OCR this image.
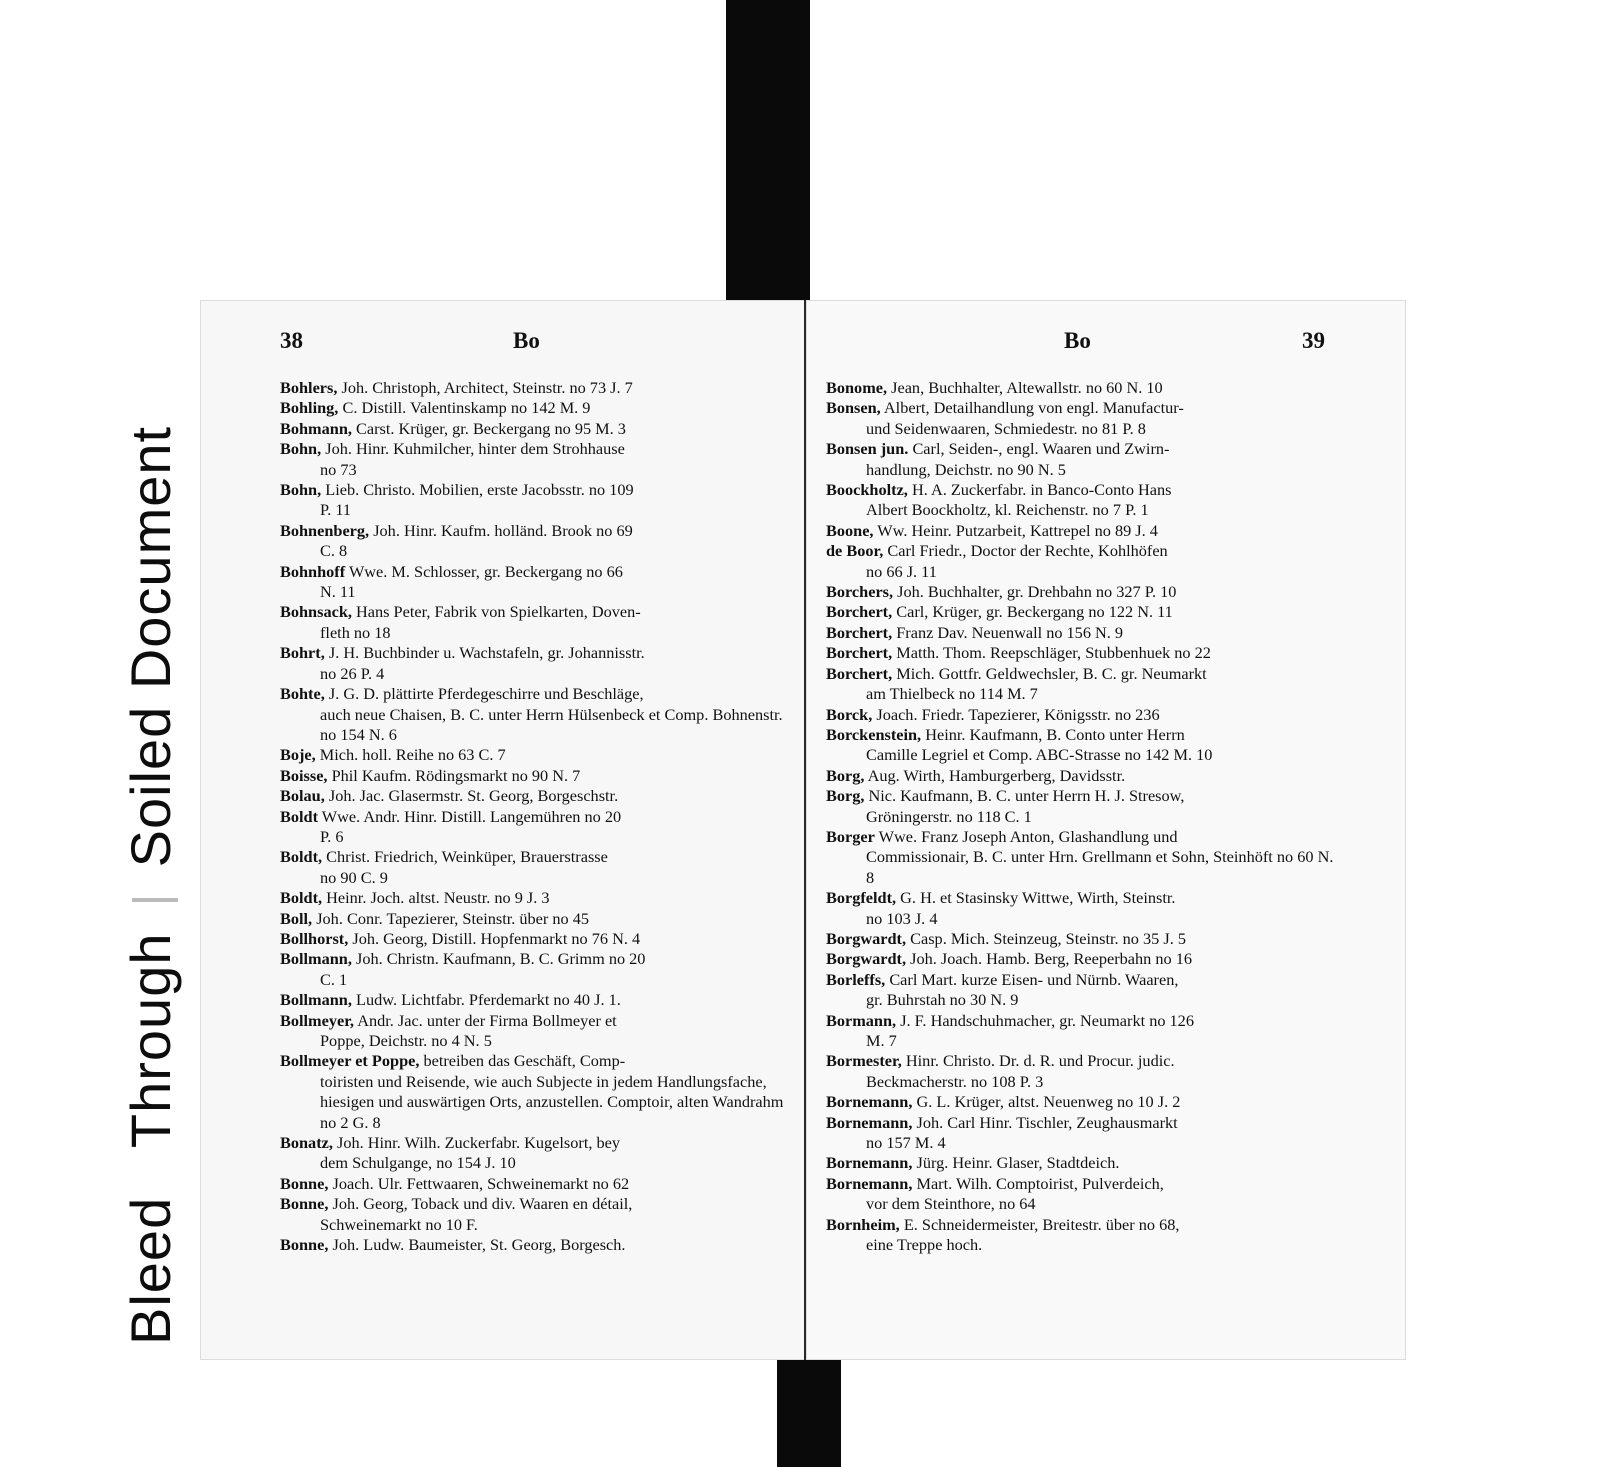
Bleed   Through  Soiled Document
38	Bo
Bohlers, Joh. Christoph, Architect, Steinstr. no 73 J. 7
Bohling, C. Distill. Valentinskamp no 142 M. 9
Bohmann, Carst. Krüger, gr. Beckergang no 95 M. 3
Bohn, Joh. Hinr. Kuhmilcher, hinter dem Strohhause
no 73
Bohn, Lieb. Christo. Mobilien, erste Jacobsstr. no 109
P. 11
Bohnenberg, Joh. Hinr. Kaufm. holländ. Brook no 69
C. 8
Bohnhoff Wwe. M. Schlosser, gr. Beckergang no 66
N. 11
Bohnsack, Hans Peter, Fabrik von Spielkarten, Doven-
fleth no 18
Bohrt, J. H. Buchbinder u. Wachstafeln, gr. Johannisstr.
no 26 P. 4
Bohte, J. G. D. plättirte Pferdegeschirre und Beschläge,
auch neue Chaisen, B. C. unter Herrn Hülsenbeck et Comp. Bohnenstr. no 154 N. 6
Boje, Mich. holl. Reihe no 63 C. 7
Boisse, Phil Kaufm. Rödingsmarkt no 90 N. 7
Bolau, Joh. Jac. Glasermstr. St. Georg, Borgeschstr.
Boldt Wwe. Andr. Hinr. Distill. Langemühren no 20
P. 6
Boldt, Christ. Friedrich, Weinküper, Brauerstrasse
no 90 C. 9
Boldt, Heinr. Joch. altst. Neustr. no 9 J. 3
Boll, Joh. Conr. Tapezierer, Steinstr. über no 45
Bollhorst, Joh. Georg, Distill. Hopfenmarkt no 76 N. 4
Bollmann, Joh. Christn. Kaufmann, B. C. Grimm no 20
C. 1
Bollmann, Ludw. Lichtfabr. Pferdemarkt no 40 J. 1.
Bollmeyer, Andr. Jac. unter der Firma Bollmeyer et
Poppe, Deichstr. no 4 N. 5
Bollmeyer et Poppe, betreiben das Geschäft, Comp-
toiristen und Reisende, wie auch Subjecte in jedem Handlungsfache, hiesigen und auswärtigen Orts, anzustellen. Comptoir, alten Wandrahm no 2 G. 8
Bonatz, Joh. Hinr. Wilh. Zuckerfabr. Kugelsort, bey
dem Schulgange, no 154 J. 10
Bonne, Joach. Ulr. Fettwaaren, Schweinemarkt no 62
Bonne, Joh. Georg, Toback und div. Waaren en détail,
Schweinemarkt no 10 F.
Bonne, Joh. Ludw. Baumeister, St. Georg, Borgesch.
Bo	39
Bonome, Jean, Buchhalter, Altewallstr. no 60 N. 10
Bonsen, Albert, Detailhandlung von engl. Manufactur-
und Seidenwaaren, Schmiedestr. no 81 P. 8
Bonsen jun. Carl, Seiden-, engl. Waaren und Zwirn-
handlung, Deichstr. no 90 N. 5
Boockholtz, H. A. Zuckerfabr. in Banco-Conto Hans
Albert Boockholtz, kl. Reichenstr. no 7 P. 1
Boone, Ww. Heinr. Putzarbeit, Kattrepel no 89 J. 4
de Boor, Carl Friedr., Doctor der Rechte, Kohlhöfen
no 66 J. 11
Borchers, Joh. Buchhalter, gr. Drehbahn no 327 P. 10
Borchert, Carl, Krüger, gr. Beckergang no 122 N. 11
Borchert, Franz Dav. Neuenwall no 156 N. 9
Borchert, Matth. Thom. Reepschläger, Stubbenhuek no 22
Borchert, Mich. Gottfr. Geldwechsler, B. C. gr. Neumarkt
am Thielbeck no 114 M. 7
Borck, Joach. Friedr. Tapezierer, Königsstr. no 236
Borckenstein, Heinr. Kaufmann, B. Conto unter Herrn
Camille Legriel et Comp. ABC-Strasse no 142 M. 10
Borg, Aug. Wirth, Hamburgerberg, Davidsstr.
Borg, Nic. Kaufmann, B. C. unter Herrn H. J. Stresow,
Gröningerstr. no 118 C. 1
Borger Wwe. Franz Joseph Anton, Glashandlung und
Commissionair, B. C. unter Hrn. Grellmann et Sohn, Steinhöft no 60 N. 8
Borgfeldt, G. H. et Stasinsky Wittwe, Wirth, Steinstr.
no 103 J. 4
Borgwardt, Casp. Mich. Steinzeug, Steinstr. no 35 J. 5
Borgwardt, Joh. Joach. Hamb. Berg, Reeperbahn no 16
Borleffs, Carl Mart. kurze Eisen- und Nürnb. Waaren,
gr. Buhrstah no 30 N. 9
Bormann, J. F. Handschuhmacher, gr. Neumarkt no 126
M. 7
Bormester, Hinr. Christo. Dr. d. R. und Procur. judic.
Beckmacherstr. no 108 P. 3
Bornemann, G. L. Krüger, altst. Neuenweg no 10 J. 2
Bornemann, Joh. Carl Hinr. Tischler, Zeughausmarkt
no 157 M. 4
Bornemann, Jürg. Heinr. Glaser, Stadtdeich.
Bornemann, Mart. Wilh. Comptoirist, Pulverdeich,
vor dem Steinthore, no 64
Bornheim, E. Schneidermeister, Breitestr. über no 68,
eine Treppe hoch.
